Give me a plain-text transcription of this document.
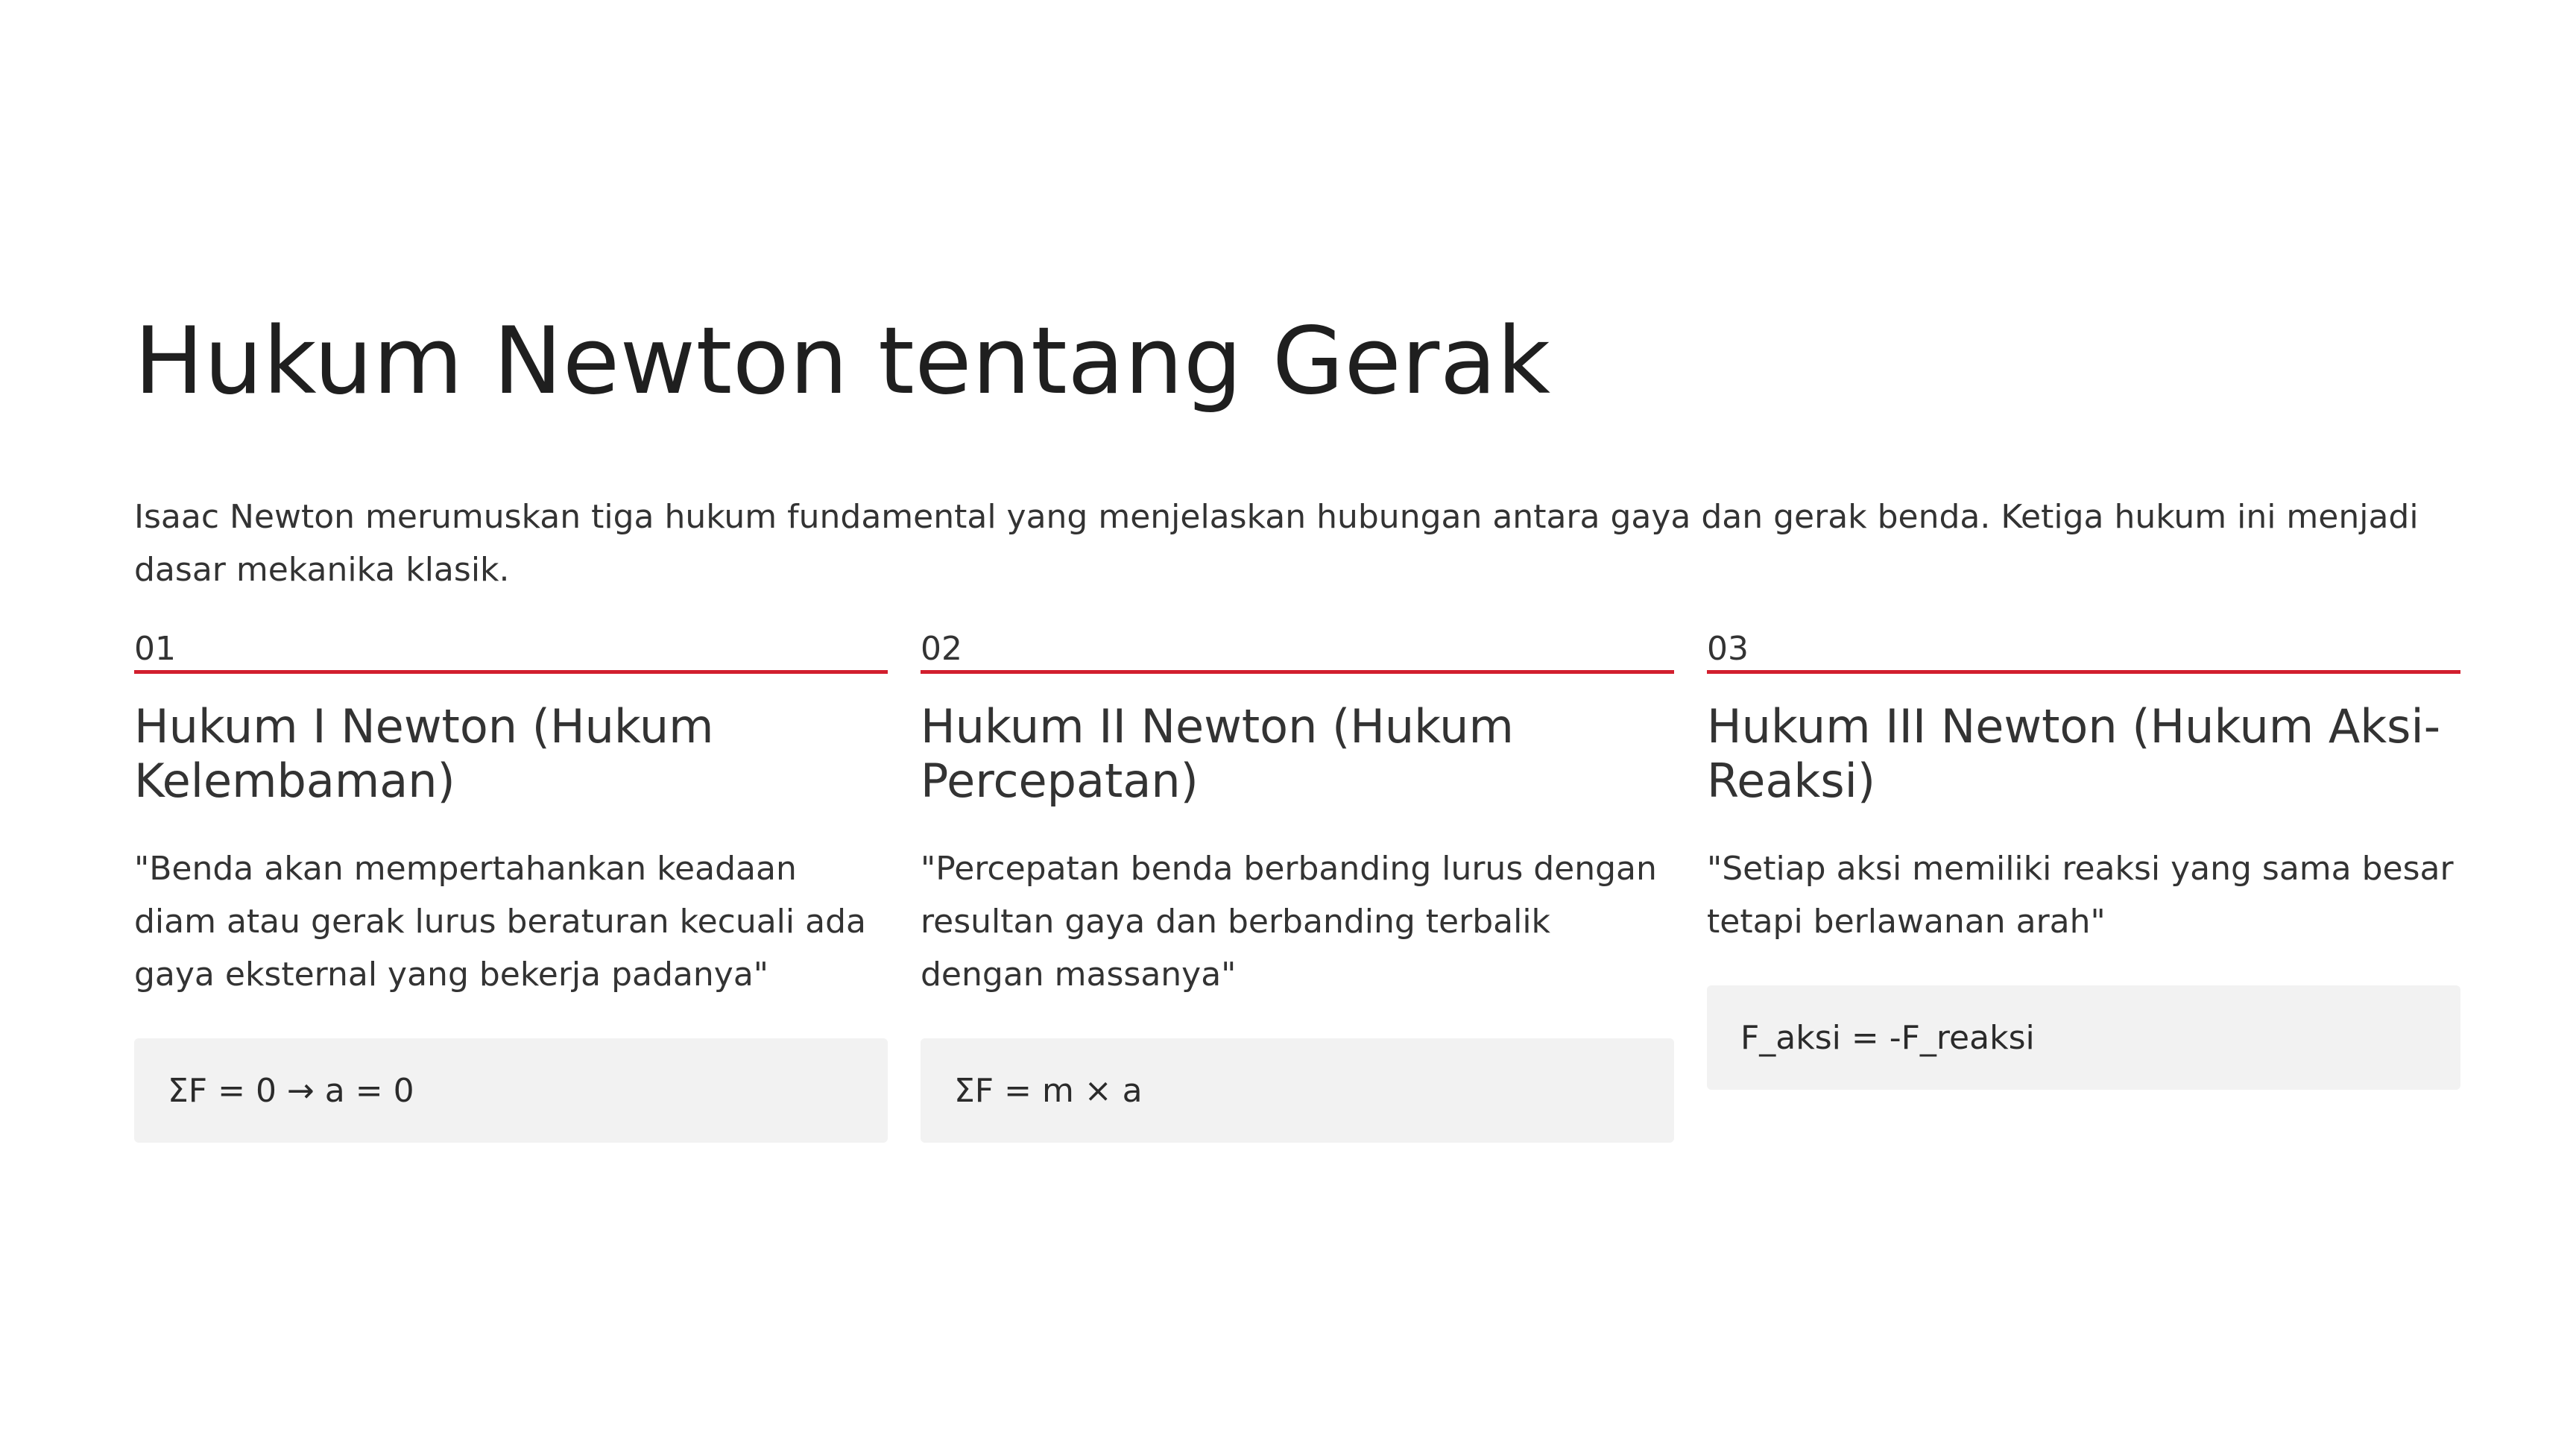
Hukum Newton tentang Gerak

Isaac Newton merumuskan tiga hukum fundamental yang menjelaskan hubungan antara gaya dan gerak benda. Ketiga hukum ini menjadi dasar mekanika klasik.

01
Hukum I Newton (Hukum Kelembaman)

"Benda akan mempertahankan keadaan diam atau gerak lurus beraturan kecuali ada gaya eksternal yang bekerja padanya"

ΣF = 0 → a = 0
02
Hukum II Newton (Hukum Percepatan)

"Percepatan benda berbanding lurus dengan resultan gaya dan berbanding terbalik dengan massanya"

ΣF = m × a
03
Hukum III Newton (Hukum Aksi-Reaksi)

"Setiap aksi memiliki reaksi yang sama besar tetapi berlawanan arah"

F_aksi = -F_reaksi
